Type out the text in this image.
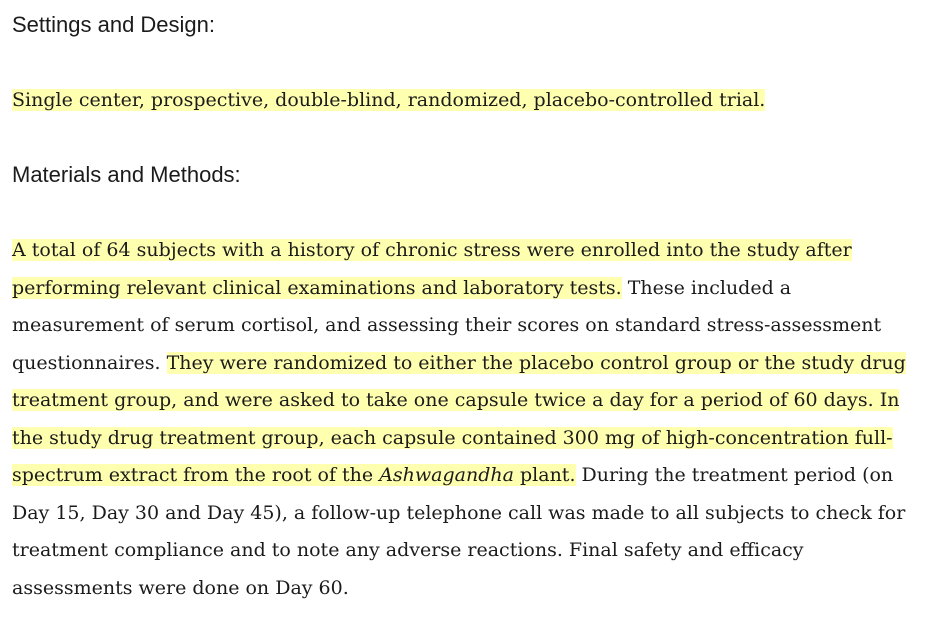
Settings and Design:

Single center, prospective, double-blind, randomized, placebo-controlled trial.

Materials and Methods:

A total of 64 subjects with a history of chronic stress were enrolled into the study after performing relevant clinical examinations and laboratory tests. These included a measurement of serum cortisol, and assessing their scores on standard stress-assessment questionnaires. They were randomized to either the placebo control group or the study drug treatment group, and were asked to take one capsule twice a day for a period of 60 days. In the study drug treatment group, each capsule contained 300 mg of high-concentration full-spectrum extract from the root of the Ashwagandha plant. During the treatment period (on Day 15, Day 30 and Day 45), a follow-up telephone call was made to all subjects to check for treatment compliance and to note any adverse reactions. Final safety and efficacy assessments were done on Day 60.
